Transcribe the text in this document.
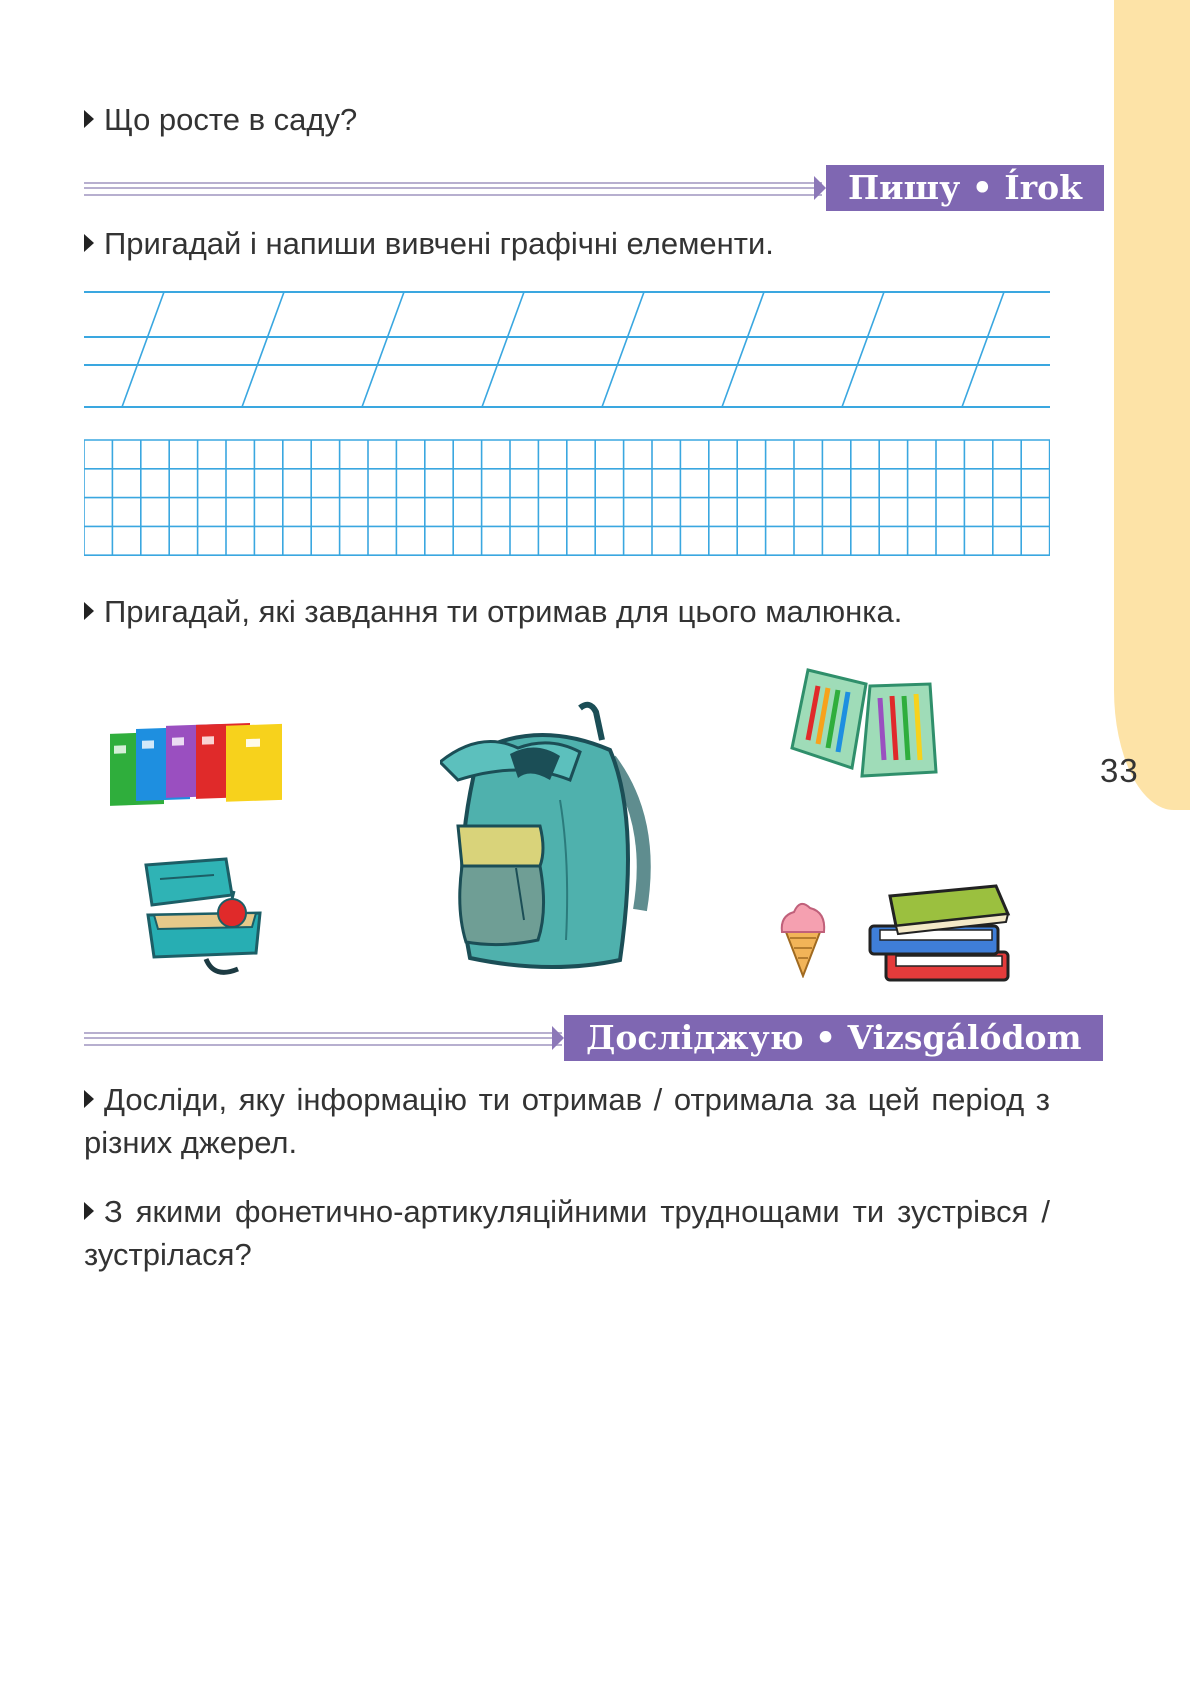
33
Що росте в саду?
Пишу • Írok
Пригадай і напиши вивчені графічні елементи.
Пригадай, які завдання ти отримав для цього малюнка.
Досліджую • Vizsgálódom
Досліди, яку інформацію ти отримав / отримала за цей період з різних джерел.
З якими фонетично-артикуляційними труднощами ти зустрівся / зустрілася?
